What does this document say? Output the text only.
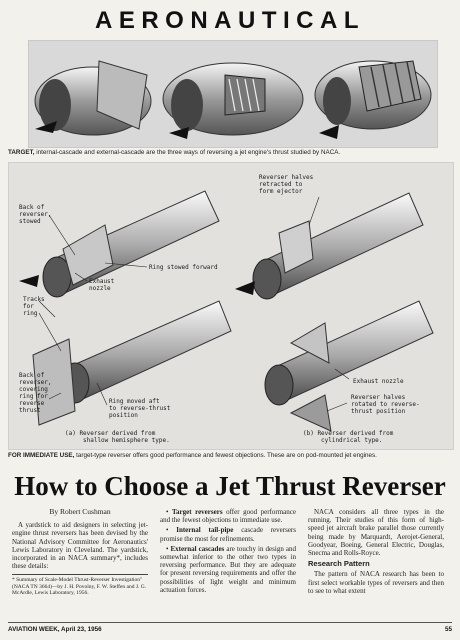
AERONAUTICAL
TARGET, internal-cascade and external-cascade are the three ways of reversing a jet engine's thrust studied by NACA.
Back of reverser, stowed
Ring stowed forward
Exhaust nozzle
Tracks for ring
Back of reverser, covering ring for reverse thrust
Ring moved aft to reverse-thrust position
Reverser halves retracted to form ejector
Exhaust nozzle
Reverser halves rotated to reverse- thrust position
(a) Reverser derived from shallow hemisphere type.
(b) Reverser derived from cylindrical type.
FOR IMMEDIATE USE, target-type reverser offers good performance and fewest objections. These are on pod-mounted jet engines.
How to Choose a Jet Thrust Reverser
By Robert Cushman

A yardstick to aid designers in selecting jet-engine thrust reversers has been devised by the National Advisory Committee for Aeronautics' Lewis Laboratory in Cleveland. The yardstick, incorporated in an NACA summary*, includes these details:

* Summary of Scale-Model Thrust-Reverser Investigation" (NACA TN 3664)—by J. H. Povolny, F. W. Steffen and J. G. McArdle, Lewis Laboratory, 1956.

• Target reversers offer good performance and the fewest objections to immediate use.

• Internal tail-pipe cascade reversers promise the most for refinements.

• External cascades are touchy in design and somewhat inferior to the other two types in reversing performance. But they are adequate for present reversing requirements and offer the possibilities of light weight and minimum actuation forces.

NACA considers all three types in the running. Their studies of this form of high-speed jet aircraft brake parallel those currently being made by Marquardt, Aerojet-General, Goodyear, Boeing, General Electric, Douglas, Snecma and Rolls-Royce.

Research Pattern

The pattern of NACA research has been to first select workable types of reversers and then to see to what extent

AVIATION WEEK, April 23, 1956	55
